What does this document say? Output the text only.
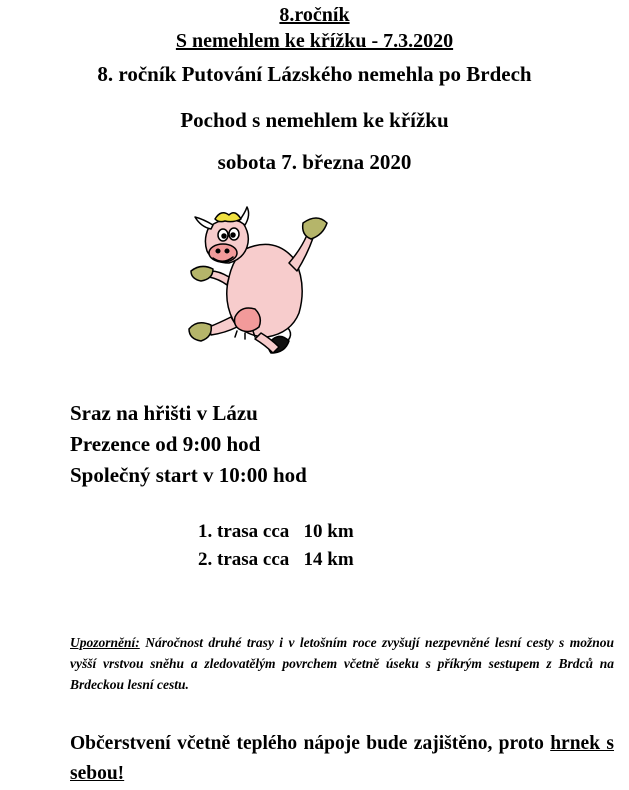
8.ročník
S nemehlem ke křížku - 7.3.2020
8. ročník Putování Lázského nemehla po Brdech
Pochod s nemehlem ke křížku
sobota 7. března 2020
Sraz na hřišti v Lázu
Prezence od 9:00 hod
Společný start v 10:00 hod
1. trasa cca   10 km
2. trasa cca   14 km
Upozornění: Náročnost druhé trasy i v letošním roce zvyšují nezpevněné lesní cesty s možnou vyšší vrstvou sněhu a zledovatělým povrchem včetně úseku s příkrým sestupem z Brdců na Brdeckou lesní cestu.
Občerstvení včetně teplého nápoje bude zajištěno, proto hrnek s sebou!
